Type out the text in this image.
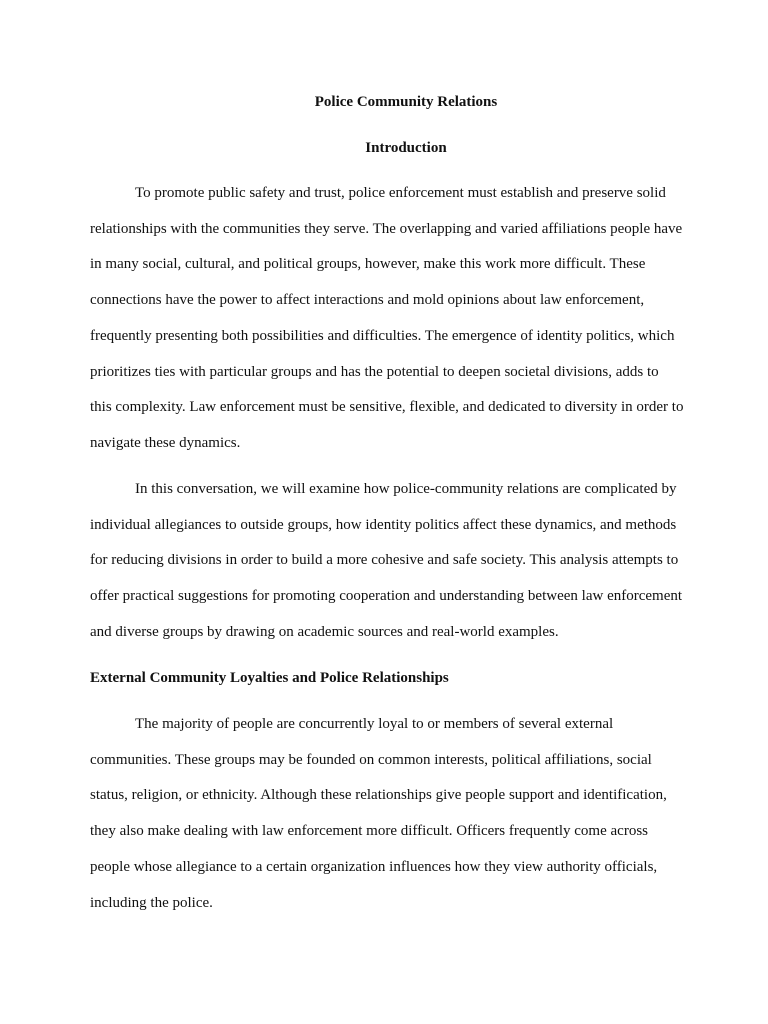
Police Community Relations
Introduction

To promote public safety and trust, police enforcement must establish and preserve solid relationships with the communities they serve. The overlapping and varied affiliations people have in many social, cultural, and political groups, however, make this work more difficult. These connections have the power to affect interactions and mold opinions about law enforcement, frequently presenting both possibilities and difficulties. The emergence of identity politics, which prioritizes ties with particular groups and has the potential to deepen societal divisions, adds to this complexity. Law enforcement must be sensitive, flexible, and dedicated to diversity in order to navigate these dynamics.

In this conversation, we will examine how police-community relations are complicated by individual allegiances to outside groups, how identity politics affect these dynamics, and methods for reducing divisions in order to build a more cohesive and safe society. This analysis attempts to offer practical suggestions for promoting cooperation and understanding between law enforcement and diverse groups by drawing on academic sources and real-world examples.

External Community Loyalties and Police Relationships

The majority of people are concurrently loyal to or members of several external communities. These groups may be founded on common interests, political affiliations, social status, religion, or ethnicity. Although these relationships give people support and identification, they also make dealing with law enforcement more difficult. Officers frequently come across people whose allegiance to a certain organization influences how they view authority officials, including the police.
